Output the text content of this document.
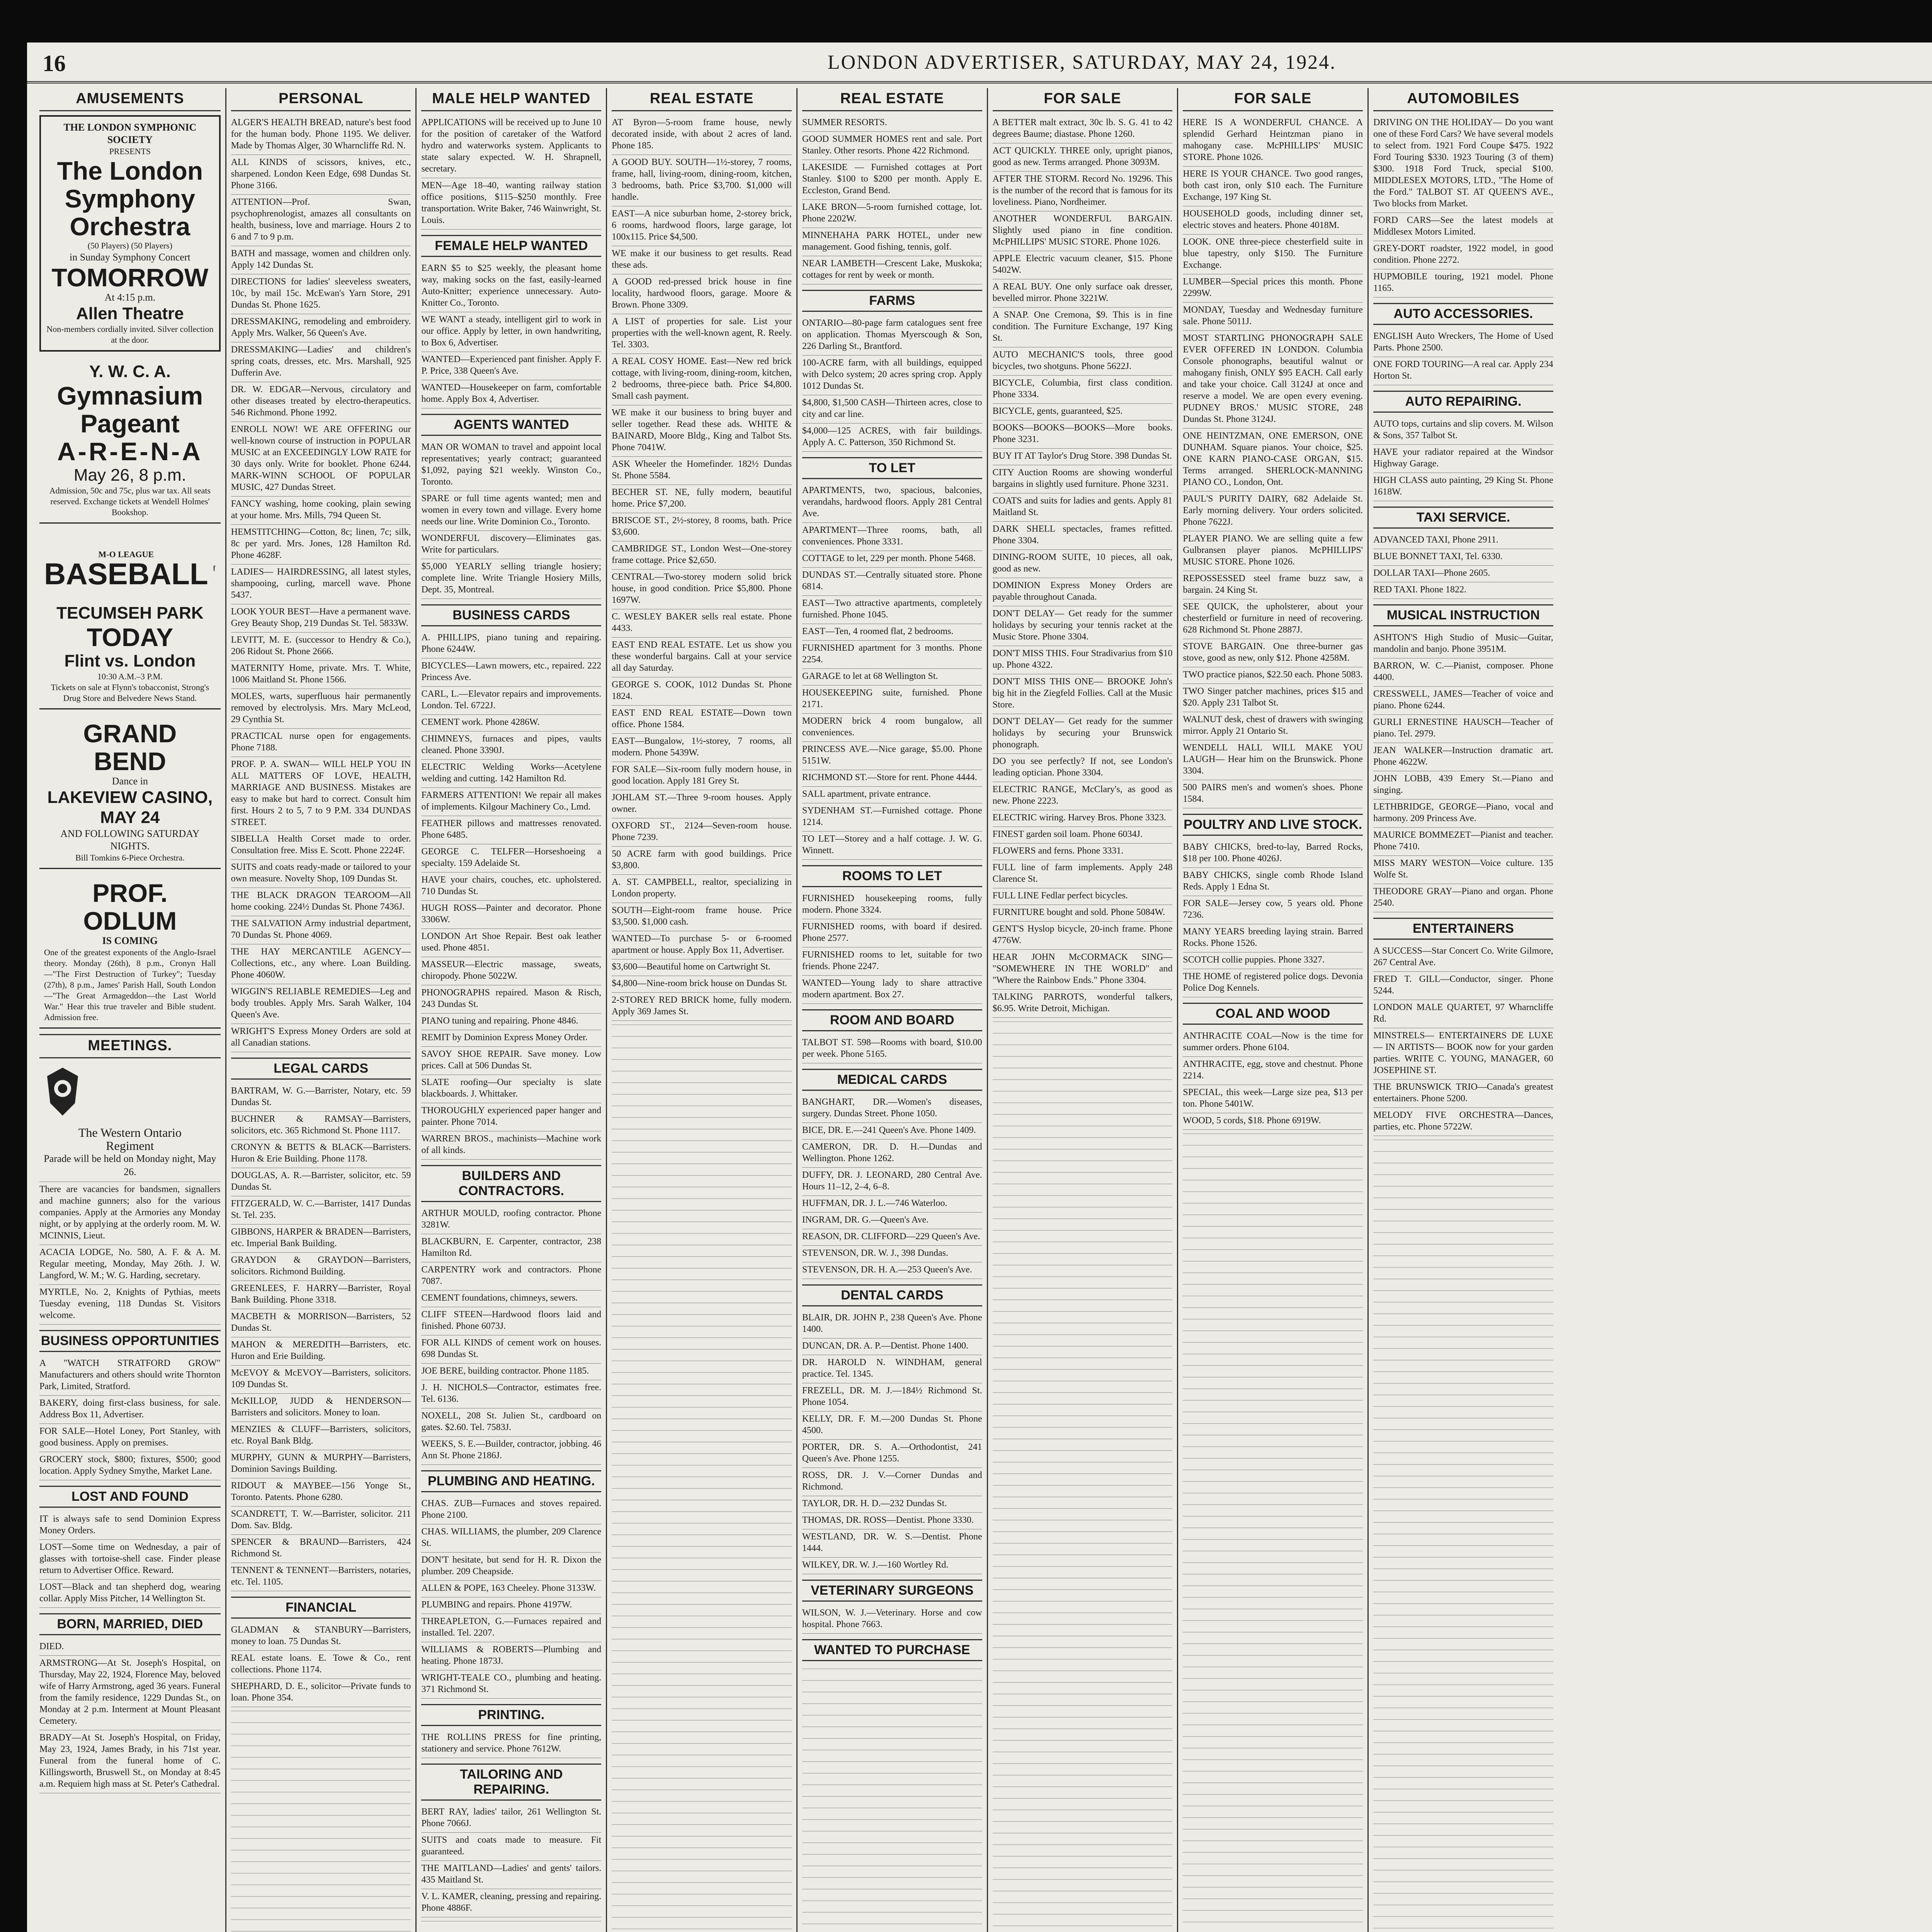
16	LONDON ADVERTISER, SATURDAY, MAY 24, 1924.
AMUSEMENTS
THE LONDON SYMPHONIC
SOCIETY
PRESENTS
The London
Symphony
Orchestra
(50 Players) (50 Players)
in Sunday Symphony Concert
TOMORROW
At 4:15 p.m.
Allen Theatre
Non-members cordially invited. Silver collection at the door.
Y. W. C. A.
Gymnasium
Pageant
A-R-E-N-A
May 26, 8 p.m.
Admission, 50c and 75c, plus war tax. All seats reserved. Exchange tickets at Wendell Holmes' Bookshop.
M-O LEAGUE
BASEBALL
TECUMSEH PARK
TODAY
Flint vs. London
10:30 A.M.–3 P.M.
Tickets on sale at Flynn's tobacconist, Strong's Drug Store and Belvedere News Stand.
GRAND BEND
Dance in
LAKEVIEW CASINO,
MAY 24
AND FOLLOWING SATURDAY NIGHTS.
Bill Tomkins 6-Piece Orchestra.
PROF. ODLUM
IS COMING
One of the greatest exponents of the Anglo-Israel theory. Monday (26th), 8 p.m., Cronyn Hall—"The First Destruction of Turkey"; Tuesday (27th), 8 p.m., James' Parish Hall, South London—"The Great Armageddon—the Last World War." Hear this true traveler and Bible student. Admission free.
MEETINGS.
The Western Ontario
Regiment
Parade will be held on Monday night, May 26.
There are vacancies for bandsmen, signallers and machine gunners; also for the various companies. Apply at the Armories any Monday night, or by applying at the orderly room. M. W. MCINNIS, Lieut.
ACACIA LODGE, No. 580, A. F. & A. M. Regular meeting, Monday, May 26th. J. W. Langford, W. M.; W. G. Harding, secretary.
MYRTLE, No. 2, Knights of Pythias, meets Tuesday evening, 118 Dundas St. Visitors welcome.
BUSINESS OPPORTUNITIES
A "WATCH STRATFORD GROW" Manufacturers and others should write Thornton Park, Limited, Stratford.
BAKERY, doing first-class business, for sale. Address Box 11, Advertiser.
FOR SALE—Hotel Loney, Port Stanley, with good business. Apply on premises.
GROCERY stock, $800; fixtures, $500; good location. Apply Sydney Smythe, Market Lane.
LOST AND FOUND
IT is always safe to send Dominion Express Money Orders.
LOST—Some time on Wednesday, a pair of glasses with tortoise-shell case. Finder please return to Advertiser Office. Reward.
LOST—Black and tan shepherd dog, wearing collar. Apply Miss Pitcher, 14 Wellington St.
BORN, MARRIED, DIED
DIED.
ARMSTRONG—At St. Joseph's Hospital, on Thursday, May 22, 1924, Florence May, beloved wife of Harry Armstrong, aged 36 years. Funeral from the family residence, 1229 Dundas St., on Monday at 2 p.m. Interment at Mount Pleasant Cemetery.
BRADY—At St. Joseph's Hospital, on Friday, May 23, 1924, James Brady, in his 71st year. Funeral from the funeral home of C. Killingsworth, Bruswell St., on Monday at 8:45 a.m. Requiem high mass at St. Peter's Cathedral.
PERSONAL
ALGER'S HEALTH BREAD, nature's best food for the human body. Phone 1195. We deliver. Made by Thomas Alger, 30 Wharncliffe Rd. N.
ALL KINDS of scissors, knives, etc., sharpened. London Keen Edge, 698 Dundas St. Phone 3166.
ATTENTION—Prof. Swan, psychophrenologist, amazes all consultants on health, business, love and marriage. Hours 2 to 6 and 7 to 9 p.m.
BATH and massage, women and children only. Apply 142 Dundas St.
DIRECTIONS for ladies' sleeveless sweaters, 10c, by mail 15c. McEwan's Yarn Store, 291 Dundas St. Phone 1625.
DRESSMAKING, remodeling and embroidery. Apply Mrs. Walker, 56 Queen's Ave.
DRESSMAKING—Ladies' and children's spring coats, dresses, etc. Mrs. Marshall, 925 Dufferin Ave.
DR. W. EDGAR—Nervous, circulatory and other diseases treated by electro-therapeutics. 546 Richmond. Phone 1992.
ENROLL NOW! WE ARE OFFERING our well-known course of instruction in POPULAR MUSIC at an EXCEEDINGLY LOW RATE for 30 days only. Write for booklet. Phone 6244. MARK-WINN SCHOOL OF POPULAR MUSIC, 427 Dundas Street.
FANCY washing, home cooking, plain sewing at your home. Mrs. Mills, 794 Queen St.
HEMSTITCHING—Cotton, 8c; linen, 7c; silk, 8c per yard. Mrs. Jones, 128 Hamilton Rd. Phone 4628F.
LADIES— HAIRDRESSING, all latest styles, shampooing, curling, marcell wave. Phone 5437.
LOOK YOUR BEST—Have a permanent wave. Grey Beauty Shop, 219 Dundas St. Tel. 5833W.
LEVITT, M. E. (successor to Hendry & Co.), 206 Ridout St. Phone 2666.
MATERNITY Home, private. Mrs. T. White, 1006 Maitland St. Phone 1566.
MOLES, warts, superfluous hair permanently removed by electrolysis. Mrs. Mary McLeod, 29 Cynthia St.
PRACTICAL nurse open for engagements. Phone 7188.
PROF. P. A. SWAN— WILL HELP YOU IN ALL MATTERS OF LOVE, HEALTH, MARRIAGE AND BUSINESS. Mistakes are easy to make but hard to correct. Consult him first. Hours 2 to 5, 7 to 9 P.M. 334 DUNDAS STREET.
SIBELLA Health Corset made to order. Consultation free. Miss E. Scott. Phone 2224F.
SUITS and coats ready-made or tailored to your own measure. Novelty Shop, 109 Dundas St.
THE BLACK DRAGON TEAROOM—All home cooking. 224½ Dundas St. Phone 7436J.
THE SALVATION Army industrial department, 70 Dundas St. Phone 4069.
THE HAY MERCANTILE AGENCY—Collections, etc., any where. Loan Building. Phone 4060W.
WIGGIN'S RELIABLE REMEDIES—Leg and body troubles. Apply Mrs. Sarah Walker, 104 Queen's Ave.
WRIGHT'S Express Money Orders are sold at all Canadian stations.
LEGAL CARDS
BARTRAM, W. G.—Barrister, Notary, etc. 59 Dundas St.
BUCHNER & RAMSAY—Barristers, solicitors, etc. 365 Richmond St. Phone 1117.
CRONYN & BETTS & BLACK—Barristers. Huron & Erie Building. Phone 1178.
DOUGLAS, A. R.—Barrister, solicitor, etc. 59 Dundas St.
FITZGERALD, W. C.—Barrister, 1417 Dundas St. Tel. 235.
GIBBONS, HARPER & BRADEN—Barristers, etc. Imperial Bank Building.
GRAYDON & GRAYDON—Barristers, solicitors. Richmond Building.
GREENLEES, F. HARRY—Barrister, Royal Bank Building. Phone 3318.
MACBETH & MORRISON—Barristers, 52 Dundas St.
MAHON & MEREDITH—Barristers, etc. Huron and Erie Building.
McEVOY & McEVOY—Barristers, solicitors. 109 Dundas St.
McKILLOP, JUDD & HENDERSON—Barristers and solicitors. Money to loan.
MENZIES & CLUFF—Barristers, solicitors, etc. Royal Bank Bldg.
MURPHY, GUNN & MURPHY—Barristers, Dominion Savings Building.
RIDOUT & MAYBEE—156 Yonge St., Toronto. Patents. Phone 6280.
SCANDRETT, T. W.—Barrister, solicitor. 211 Dom. Sav. Bldg.
SPENCER & BRAUND—Barristers, 424 Richmond St.
TENNENT & TENNENT—Barristers, notaries, etc. Tel. 1105.
FINANCIAL
GLADMAN & STANBURY—Barristers, money to loan. 75 Dundas St.
REAL estate loans. E. Towe & Co., rent collections. Phone 1174.
SHEPHARD, D. E., solicitor—Private funds to loan. Phone 354.
MALE HELP WANTED
APPLICATIONS will be received up to June 10 for the position of caretaker of the Watford hydro and waterworks system. Applicants to state salary expected. W. H. Shrapnell, secretary.
MEN—Age 18–40, wanting railway station office positions, $115–$250 monthly. Free transportation. Write Baker, 746 Wainwright, St. Louis.
FEMALE HELP WANTED
EARN $5 to $25 weekly, the pleasant home way, making socks on the fast, easily-learned Auto-Knitter; experience unnecessary. Auto-Knitter Co., Toronto.
WE WANT a steady, intelligent girl to work in our office. Apply by letter, in own handwriting, to Box 6, Advertiser.
WANTED—Experienced pant finisher. Apply F. P. Price, 338 Queen's Ave.
WANTED—Housekeeper on farm, comfortable home. Apply Box 4, Advertiser.
AGENTS WANTED
MAN OR WOMAN to travel and appoint local representatives; yearly contract; guaranteed $1,092, paying $21 weekly. Winston Co., Toronto.
SPARE or full time agents wanted; men and women in every town and village. Every home needs our line. Write Dominion Co., Toronto.
WONDERFUL discovery—Eliminates gas. Write for particulars.
$5,000 YEARLY selling triangle hosiery; complete line. Write Triangle Hosiery Mills, Dept. 35, Montreal.
BUSINESS CARDS
A. PHILLIPS, piano tuning and repairing. Phone 6244W.
BICYCLES—Lawn mowers, etc., repaired. 222 Princess Ave.
CARL, L.—Elevator repairs and improvements. London. Tel. 6722J.
CEMENT work. Phone 4286W.
CHIMNEYS, furnaces and pipes, vaults cleaned. Phone 3390J.
ELECTRIC Welding Works—Acetylene welding and cutting. 142 Hamilton Rd.
FARMERS ATTENTION! We repair all makes of implements. Kilgour Machinery Co., Lmd.
FEATHER pillows and mattresses renovated. Phone 6485.
GEORGE C. TELFER—Horseshoeing a specialty. 159 Adelaide St.
HAVE your chairs, couches, etc. upholstered. 710 Dundas St.
HUGH ROSS—Painter and decorator. Phone 3306W.
LONDON Art Shoe Repair. Best oak leather used. Phone 4851.
MASSEUR—Electric massage, sweats, chiropody. Phone 5022W.
PHONOGRAPHS repaired. Mason & Risch, 243 Dundas St.
PIANO tuning and repairing. Phone 4846.
REMIT by Dominion Express Money Order.
SAVOY SHOE REPAIR. Save money. Low prices. Call at 506 Dundas St.
SLATE roofing—Our specialty is slate blackboards. J. Whittaker.
THOROUGHLY experienced paper hanger and painter. Phone 7014.
WARREN BROS., machinists—Machine work of all kinds.
BUILDERS AND CONTRACTORS.
ARTHUR MOULD, roofing contractor. Phone 3281W.
BLACKBURN, E. Carpenter, contractor, 238 Hamilton Rd.
CARPENTRY work and contractors. Phone 7087.
CEMENT foundations, chimneys, sewers.
CLIFF STEEN—Hardwood floors laid and finished. Phone 6073J.
FOR ALL KINDS of cement work on houses. 698 Dundas St.
JOE BERE, building contractor. Phone 1185.
J. H. NICHOLS—Contractor, estimates free. Tel. 6136.
NOXELL, 208 St. Julien St., cardboard on gates. $2.60. Tel. 7583J.
WEEKS, S. E.—Builder, contractor, jobbing. 46 Ann St. Phone 2186J.
PLUMBING AND HEATING.
CHAS. ZUB—Furnaces and stoves repaired. Phone 2100.
CHAS. WILLIAMS, the plumber, 209 Clarence St.
DON'T hesitate, but send for H. R. Dixon the plumber. 209 Cheapside.
ALLEN & POPE, 163 Cheeley. Phone 3133W.
PLUMBING and repairs. Phone 4197W.
THREAPLETON, G.—Furnaces repaired and installed. Tel. 2207.
WILLIAMS & ROBERTS—Plumbing and heating. Phone 1873J.
WRIGHT-TEALE CO., plumbing and heating. 371 Richmond St.
PRINTING.
THE ROLLINS PRESS for fine printing, stationery and service. Phone 7612W.
TAILORING AND REPAIRING.
BERT RAY, ladies' tailor, 261 Wellington St. Phone 7066J.
SUITS and coats made to measure. Fit guaranteed.
THE MAITLAND—Ladies' and gents' tailors. 435 Maitland St.
V. L. KAMER, cleaning, pressing and repairing. Phone 4886F.
REAL ESTATE
AT Byron—5-room frame house, newly decorated inside, with about 2 acres of land. Phone 185.
A GOOD BUY. SOUTH—1½-storey, 7 rooms, frame, hall, living-room, dining-room, kitchen, 3 bedrooms, bath. Price $3,700. $1,000 will handle.
EAST—A nice suburban home, 2-storey brick, 6 rooms, hardwood floors, large garage, lot 100x115. Price $4,500.
WE make it our business to get results. Read these ads.
A GOOD red-pressed brick house in fine locality, hardwood floors, garage. Moore & Brown. Phone 3309.
A LIST of properties for sale. List your properties with the well-known agent, R. Reely. Tel. 3303.
A REAL COSY HOME. East—New red brick cottage, with living-room, dining-room, kitchen, 2 bedrooms, three-piece bath. Price $4,800. Small cash payment.
WE make it our business to bring buyer and seller together. Read these ads. WHITE & BAINARD, Moore Bldg., King and Talbot Sts. Phone 7041W.
ASK Wheeler the Homefinder. 182½ Dundas St. Phone 5584.
BECHER ST. NE, fully modern, beautiful home. Price $7,200.
BRISCOE ST., 2½-storey, 8 rooms, bath. Price $3,600.
CAMBRIDGE ST., London West—One-storey frame cottage. Price $2,650.
CENTRAL—Two-storey modern solid brick house, in good condition. Price $5,800. Phone 1697W.
C. WESLEY BAKER sells real estate. Phone 4433.
EAST END REAL ESTATE. Let us show you these wonderful bargains. Call at your service all day Saturday.
GEORGE S. COOK, 1012 Dundas St. Phone 1824.
EAST END REAL ESTATE—Down town office. Phone 1584.
EAST—Bungalow, 1½-storey, 7 rooms, all modern. Phone 5439W.
FOR SALE—Six-room fully modern house, in good location. Apply 181 Grey St.
JOHLAM ST.—Three 9-room houses. Apply owner.
OXFORD ST., 2124—Seven-room house. Phone 7239.
50 ACRE farm with good buildings. Price $3,800.
A. ST. CAMPBELL, realtor, specializing in London property.
SOUTH—Eight-room frame house. Price $3,500. $1,000 cash.
WANTED—To purchase 5- or 6-roomed apartment or house. Apply Box 11, Advertiser.
$3,600—Beautiful home on Cartwright St.
$4,800—Nine-room brick house on Dundas St.
2-STOREY RED BRICK home, fully modern. Apply 369 James St.
REAL ESTATE
SUMMER RESORTS.
GOOD SUMMER HOMES rent and sale. Port Stanley. Other resorts. Phone 422 Richmond.
LAKESIDE — Furnished cottages at Port Stanley. $100 to $200 per month. Apply E. Eccleston, Grand Bend.
LAKE BRON—5-room furnished cottage, lot. Phone 2202W.
MINNEHAHA PARK HOTEL, under new management. Good fishing, tennis, golf.
NEAR LAMBETH—Crescent Lake, Muskoka; cottages for rent by week or month.
FARMS
ONTARIO—80-page farm catalogues sent free on application. Thomas Myerscough & Son, 226 Darling St., Brantford.
100-ACRE farm, with all buildings, equipped with Delco system; 20 acres spring crop. Apply 1012 Dundas St.
$4,800, $1,500 CASH—Thirteen acres, close to city and car line.
$4,000—125 ACRES, with fair buildings. Apply A. C. Patterson, 350 Richmond St.
TO LET
APARTMENTS, two, spacious, balconies, verandahs, hardwood floors. Apply 281 Central Ave.
APARTMENT—Three rooms, bath, all conveniences. Phone 3331.
COTTAGE to let, 229 per month. Phone 5468.
DUNDAS ST.—Centrally situated store. Phone 6814.
EAST—Two attractive apartments, completely furnished. Phone 1045.
EAST—Ten, 4 roomed flat, 2 bedrooms.
FURNISHED apartment for 3 months. Phone 2254.
GARAGE to let at 68 Wellington St.
HOUSEKEEPING suite, furnished. Phone 2171.
MODERN brick 4 room bungalow, all conveniences.
PRINCESS AVE.—Nice garage, $5.00. Phone 5151W.
RICHMOND ST.—Store for rent. Phone 4444.
SALL apartment, private entrance.
SYDENHAM ST.—Furnished cottage. Phone 1214.
TO LET—Storey and a half cottage. J. W. G. Winnett.
ROOMS TO LET
FURNISHED housekeeping rooms, fully modern. Phone 3324.
FURNISHED rooms, with board if desired. Phone 2577.
FURNISHED rooms to let, suitable for two friends. Phone 2247.
WANTED—Young lady to share attractive modern apartment. Box 27.
ROOM AND BOARD
TALBOT ST. 598—Rooms with board, $10.00 per week. Phone 5165.
MEDICAL CARDS
BANGHART, DR.—Women's diseases, surgery. Dundas Street. Phone 1050.
BICE, DR. E.—241 Queen's Ave. Phone 1409.
CAMERON, DR. D. H.—Dundas and Wellington. Phone 1262.
DUFFY, DR. J. LEONARD, 280 Central Ave. Hours 11–12, 2–4, 6–8.
HUFFMAN, DR. J. L.—746 Waterloo.
INGRAM, DR. G.—Queen's Ave.
REASON, DR. CLIFFORD—229 Queen's Ave.
STEVENSON, DR. W. J., 398 Dundas.
STEVENSON, DR. H. A.—253 Queen's Ave.
DENTAL CARDS
BLAIR, DR. JOHN P., 238 Queen's Ave. Phone 1400.
DUNCAN, DR. A. P.—Dentist. Phone 1400.
DR. HAROLD N. WINDHAM, general practice. Tel. 1345.
FREZELL, DR. M. J.—184½ Richmond St. Phone 1054.
KELLY, DR. F. M.—200 Dundas St. Phone 4500.
PORTER, DR. S. A.—Orthodontist, 241 Queen's Ave. Phone 1255.
ROSS, DR. J. V.—Corner Dundas and Richmond.
TAYLOR, DR. H. D.—232 Dundas St.
THOMAS, DR. ROSS—Dentist. Phone 3330.
WESTLAND, DR. W. S.—Dentist. Phone 1444.
WILKEY, DR. W. J.—160 Wortley Rd.
VETERINARY SURGEONS
WILSON, W. J.—Veterinary. Horse and cow hospital. Phone 7663.
WANTED TO PURCHASE
FOR SALE
A BETTER malt extract, 30c lb. S. G. 41 to 42 degrees Baume; diastase. Phone 1260.
ACT QUICKLY. THREE only, upright pianos, good as new. Terms arranged. Phone 3093M.
AFTER THE STORM. Record No. 19296. This is the number of the record that is famous for its loveliness. Piano, Nordheimer.
ANOTHER WONDERFUL BARGAIN. Slightly used piano in fine condition. McPHILLIPS' MUSIC STORE. Phone 1026.
APPLE Electric vacuum cleaner, $15. Phone 5402W.
A REAL BUY. One only surface oak dresser, bevelled mirror. Phone 3221W.
A SNAP. One Cremona, $9. This is in fine condition. The Furniture Exchange, 197 King St.
AUTO MECHANIC'S tools, three good bicycles, two shotguns. Phone 5622J.
BICYCLE, Columbia, first class condition. Phone 3334.
BICYCLE, gents, guaranteed, $25.
BOOKS—BOOKS—BOOKS—More books. Phone 3231.
BUY IT AT Taylor's Drug Store. 398 Dundas St.
CITY Auction Rooms are showing wonderful bargains in slightly used furniture. Phone 3231.
COATS and suits for ladies and gents. Apply 81 Maitland St.
DARK SHELL spectacles, frames refitted. Phone 3304.
DINING-ROOM SUITE, 10 pieces, all oak, good as new.
DOMINION Express Money Orders are payable throughout Canada.
DON'T DELAY— Get ready for the summer holidays by securing your tennis racket at the Music Store. Phone 3304.
DON'T MISS THIS. Four Stradivarius from $10 up. Phone 4322.
DON'T MISS THIS ONE— BROOKE John's big hit in the Ziegfeld Follies. Call at the Music Store.
DON'T DELAY— Get ready for the summer holidays by securing your Brunswick phonograph.
DO you see perfectly? If not, see London's leading optician. Phone 3304.
ELECTRIC RANGE, McClary's, as good as new. Phone 2223.
ELECTRIC wiring. Harvey Bros. Phone 3323.
FINEST garden soil loam. Phone 6034J.
FLOWERS and ferns. Phone 3331.
FULL line of farm implements. Apply 248 Clarence St.
FULL LINE Fedlar perfect bicycles.
FURNITURE bought and sold. Phone 5084W.
GENT'S Hyslop bicycle, 20-inch frame. Phone 4776W.
HEAR JOHN McCORMACK SING— "SOMEWHERE IN THE WORLD" and "Where the Rainbow Ends." Phone 3304.
TALKING PARROTS, wonderful talkers, $6.95. Write Detroit, Michigan.
FOR SALE
HERE IS A WONDERFUL CHANCE. A splendid Gerhard Heintzman piano in mahogany case. McPHILLIPS' MUSIC STORE. Phone 1026.
HERE IS YOUR CHANCE. Two good ranges, both cast iron, only $10 each. The Furniture Exchange, 197 King St.
HOUSEHOLD goods, including dinner set, electric stoves and heaters. Phone 4018M.
LOOK. ONE three-piece chesterfield suite in blue tapestry, only $150. The Furniture Exchange.
LUMBER—Special prices this month. Phone 2299W.
MONDAY, Tuesday and Wednesday furniture sale. Phone 5011J.
MOST STARTLING PHONOGRAPH SALE EVER OFFERED IN LONDON. Columbia Console phonographs, beautiful walnut or mahogany finish, ONLY $95 EACH. Call early and take your choice. Call 3124J at once and reserve a model. We are open every evening. PUDNEY BROS.' MUSIC STORE, 248 Dundas St. Phone 3124J.
ONE HEINTZMAN, ONE EMERSON, ONE DUNHAM. Square pianos. Your choice, $25. ONE KARN PIANO-CASE ORGAN, $15. Terms arranged. SHERLOCK-MANNING PIANO CO., London, Ont.
PAUL'S PURITY DAIRY, 682 Adelaide St. Early morning delivery. Your orders solicited. Phone 7622J.
PLAYER PIANO. We are selling quite a few Gulbransen player pianos. McPHILLIPS' MUSIC STORE. Phone 1026.
REPOSSESSED steel frame buzz saw, a bargain. 24 King St.
SEE QUICK, the upholsterer, about your chesterfield or furniture in need of recovering. 628 Richmond St. Phone 2887J.
STOVE BARGAIN. One three-burner gas stove, good as new, only $12. Phone 4258M.
TWO practice pianos, $22.50 each. Phone 5083.
TWO Singer patcher machines, prices $15 and $20. Apply 231 Talbot St.
WALNUT desk, chest of drawers with swinging mirror. Apply 21 Ontario St.
WENDELL HALL WILL MAKE YOU LAUGH— Hear him on the Brunswick. Phone 3304.
500 PAIRS men's and women's shoes. Phone 1584.
POULTRY AND LIVE STOCK.
BABY CHICKS, bred-to-lay, Barred Rocks, $18 per 100. Phone 4026J.
BABY CHICKS, single comb Rhode Island Reds. Apply 1 Edna St.
FOR SALE—Jersey cow, 5 years old. Phone 7236.
MANY YEARS breeding laying strain. Barred Rocks. Phone 1526.
SCOTCH collie puppies. Phone 3327.
THE HOME of registered police dogs. Devonia Police Dog Kennels.
COAL AND WOOD
ANTHRACITE COAL—Now is the time for summer orders. Phone 6104.
ANTHRACITE, egg, stove and chestnut. Phone 2214.
SPECIAL, this week—Large size pea, $13 per ton. Phone 5401W.
WOOD, 5 cords, $18. Phone 6919W.
AUTOMOBILES
DRIVING ON THE HOLIDAY— Do you want one of these Ford Cars? We have several models to select from. 1921 Ford Coupe $475. 1922 Ford Touring $330. 1923 Touring (3 of them) $300. 1918 Ford Truck, special $100. MIDDLESEX MOTORS, LTD., "The Home of the Ford." TALBOT ST. AT QUEEN'S AVE., Two blocks from Market.
FORD CARS—See the latest models at Middlesex Motors Limited.
GREY-DORT roadster, 1922 model, in good condition. Phone 2272.
HUPMOBILE touring, 1921 model. Phone 1165.
AUTO ACCESSORIES.
ENGLISH Auto Wreckers, The Home of Used Parts. Phone 2500.
ONE FORD TOURING—A real car. Apply 234 Horton St.
AUTO REPAIRING.
AUTO tops, curtains and slip covers. M. Wilson & Sons, 357 Talbot St.
HAVE your radiator repaired at the Windsor Highway Garage.
HIGH CLASS auto painting, 29 King St. Phone 1618W.
TAXI SERVICE.
ADVANCED TAXI, Phone 2911.
BLUE BONNET TAXI, Tel. 6330.
DOLLAR TAXI—Phone 2605.
RED TAXI. Phone 1822.
MUSICAL INSTRUCTION
ASHTON'S High Studio of Music—Guitar, mandolin and banjo. Phone 3951M.
BARRON, W. C.—Pianist, composer. Phone 4400.
CRESSWELL, JAMES—Teacher of voice and piano. Phone 6244.
GURLI ERNESTINE HAUSCH—Teacher of piano. Tel. 2979.
JEAN WALKER—Instruction dramatic art. Phone 4622W.
JOHN LOBB, 439 Emery St.—Piano and singing.
LETHBRIDGE, GEORGE—Piano, vocal and harmony. 209 Princess Ave.
MAURICE BOMMEZET—Pianist and teacher. Phone 7410.
MISS MARY WESTON—Voice culture. 135 Wolfe St.
THEODORE GRAY—Piano and organ. Phone 2540.
ENTERTAINERS
A SUCCESS—Star Concert Co. Write Gilmore, 267 Central Ave.
FRED T. GILL—Conductor, singer. Phone 5244.
LONDON MALE QUARTET, 97 Wharncliffe Rd.
MINSTRELS— ENTERTAINERS DE LUXE— IN ARTISTS— BOOK now for your garden parties. WRITE C. YOUNG, MANAGER, 60 JOSEPHINE ST.
THE BRUNSWICK TRIO—Canada's greatest entertainers. Phone 5200.
MELODY FIVE ORCHESTRA—Dances, parties, etc. Phone 5722W.
